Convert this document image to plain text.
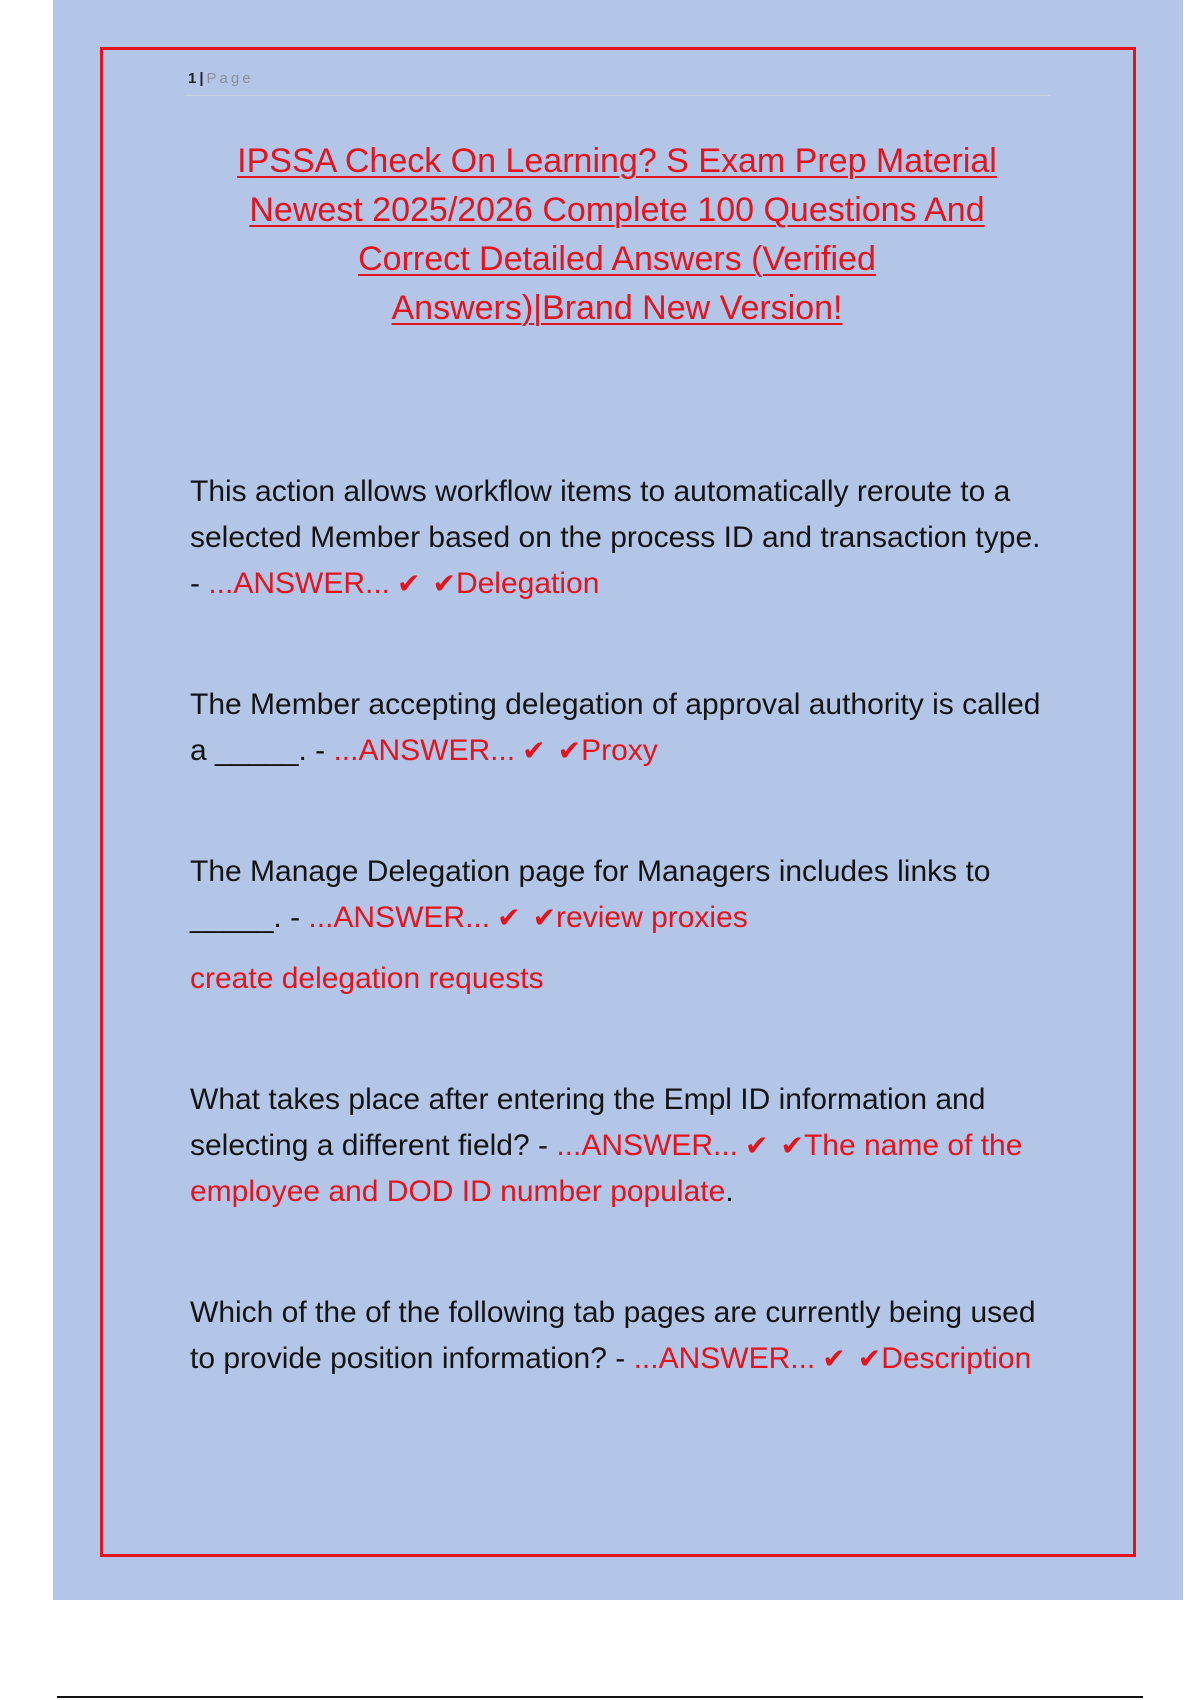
1 | Page
IPSSA Check On Learning? S Exam Prep Material
Newest 2025/2026 Complete 100 Questions And
Correct Detailed Answers (Verified
Answers)|Brand New Version!

This action allows workflow items to automatically reroute to a selected Member based on the process ID and transaction type. - ...ANSWER... ✔ ✔Delegation

The Member accepting delegation of approval authority is called a _____. - ...ANSWER... ✔ ✔Proxy

The Manage Delegation page for Managers includes links to _____. - ...ANSWER... ✔ ✔review proxies
create delegation requests

What takes place after entering the Empl ID information and selecting a different field? - ...ANSWER... ✔ ✔The name of the employee and DOD ID number populate.

Which of the of the following tab pages are currently being used to provide position information? - ...ANSWER... ✔ ✔Description
